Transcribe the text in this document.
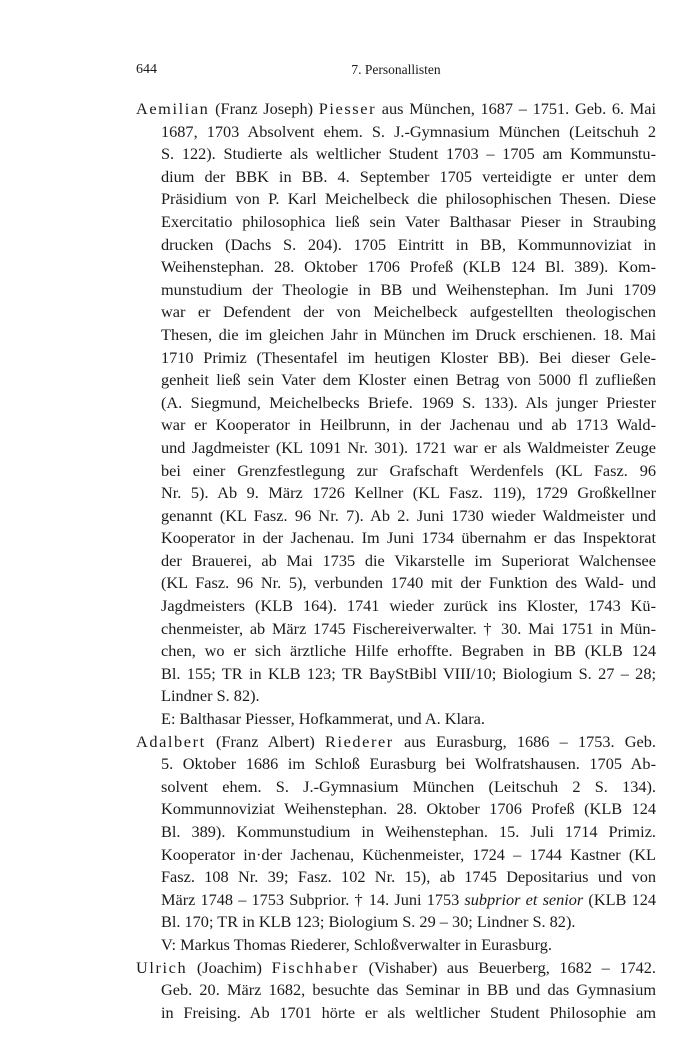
644	7. Personallisten
Aemilian (Franz Joseph) Piesser aus München, 1687 – 1751. Geb. 6. Mai
1687, 1703 Absolvent ehem. S. J.-Gymnasium München (Leitschuh 2
S. 122). Studierte als weltlicher Student 1703 – 1705 am Kommunstu-
dium der BBK in BB. 4. September 1705 verteidigte er unter dem
Präsidium von P. Karl Meichelbeck die philosophischen Thesen. Diese
Exercitatio philosophica ließ sein Vater Balthasar Pieser in Straubing
drucken (Dachs S. 204). 1705 Eintritt in BB, Kommunnoviziat in
Weihenstephan. 28. Oktober 1706 Profeß (KLB 124 Bl. 389). Kom-
munstudium der Theologie in BB und Weihenstephan. Im Juni 1709
war er Defendent der von Meichelbeck aufgestellten theologischen
Thesen, die im gleichen Jahr in München im Druck erschienen. 18. Mai
1710 Primiz (Thesentafel im heutigen Kloster BB). Bei dieser Gele-
genheit ließ sein Vater dem Kloster einen Betrag von 5000 fl zufließen
(A. Siegmund, Meichelbecks Briefe. 1969 S. 133). Als junger Priester
war er Kooperator in Heilbrunn, in der Jachenau und ab 1713 Wald-
und Jagdmeister (KL 1091 Nr. 301). 1721 war er als Waldmeister Zeuge
bei einer Grenzfestlegung zur Grafschaft Werdenfels (KL Fasz. 96
Nr. 5). Ab 9. März 1726 Kellner (KL Fasz. 119), 1729 Großkellner
genannt (KL Fasz. 96 Nr. 7). Ab 2. Juni 1730 wieder Waldmeister und
Kooperator in der Jachenau. Im Juni 1734 übernahm er das Inspektorat
der Brauerei, ab Mai 1735 die Vikarstelle im Superiorat Walchensee
(KL Fasz. 96 Nr. 5), verbunden 1740 mit der Funktion des Wald- und
Jagdmeisters (KLB 164). 1741 wieder zurück ins Kloster, 1743 Kü-
chenmeister, ab März 1745 Fischereiverwalter. † 30. Mai 1751 in Mün-
chen, wo er sich ärztliche Hilfe erhoffte. Begraben in BB (KLB 124
Bl. 155; TR in KLB 123; TR BayStBibl VIII/10; Biologium S. 27 – 28;
Lindner S. 82).
E: Balthasar Piesser, Hofkammerat, und A. Klara.
Adalbert (Franz Albert) Riederer aus Eurasburg, 1686 – 1753. Geb.
5. Oktober 1686 im Schloß Eurasburg bei Wolfratshausen. 1705 Ab-
solvent ehem. S. J.-Gymnasium München (Leitschuh 2 S. 134).
Kommunnoviziat Weihenstephan. 28. Oktober 1706 Profeß (KLB 124
Bl. 389). Kommunstudium in Weihenstephan. 15. Juli 1714 Primiz.
Kooperator in·der Jachenau, Küchenmeister, 1724 – 1744 Kastner (KL
Fasz. 108 Nr. 39; Fasz. 102 Nr. 15), ab 1745 Depositarius und von
März 1748 – 1753 Subprior. † 14. Juni 1753 subprior et senior (KLB 124
Bl. 170; TR in KLB 123; Biologium S. 29 – 30; Lindner S. 82).
V: Markus Thomas Riederer, Schloßverwalter in Eurasburg.
Ulrich (Joachim) Fischhaber (Vishaber) aus Beuerberg, 1682 – 1742.
Geb. 20. März 1682, besuchte das Seminar in BB und das Gymnasium
in Freising. Ab 1701 hörte er als weltlicher Student Philosophie am
